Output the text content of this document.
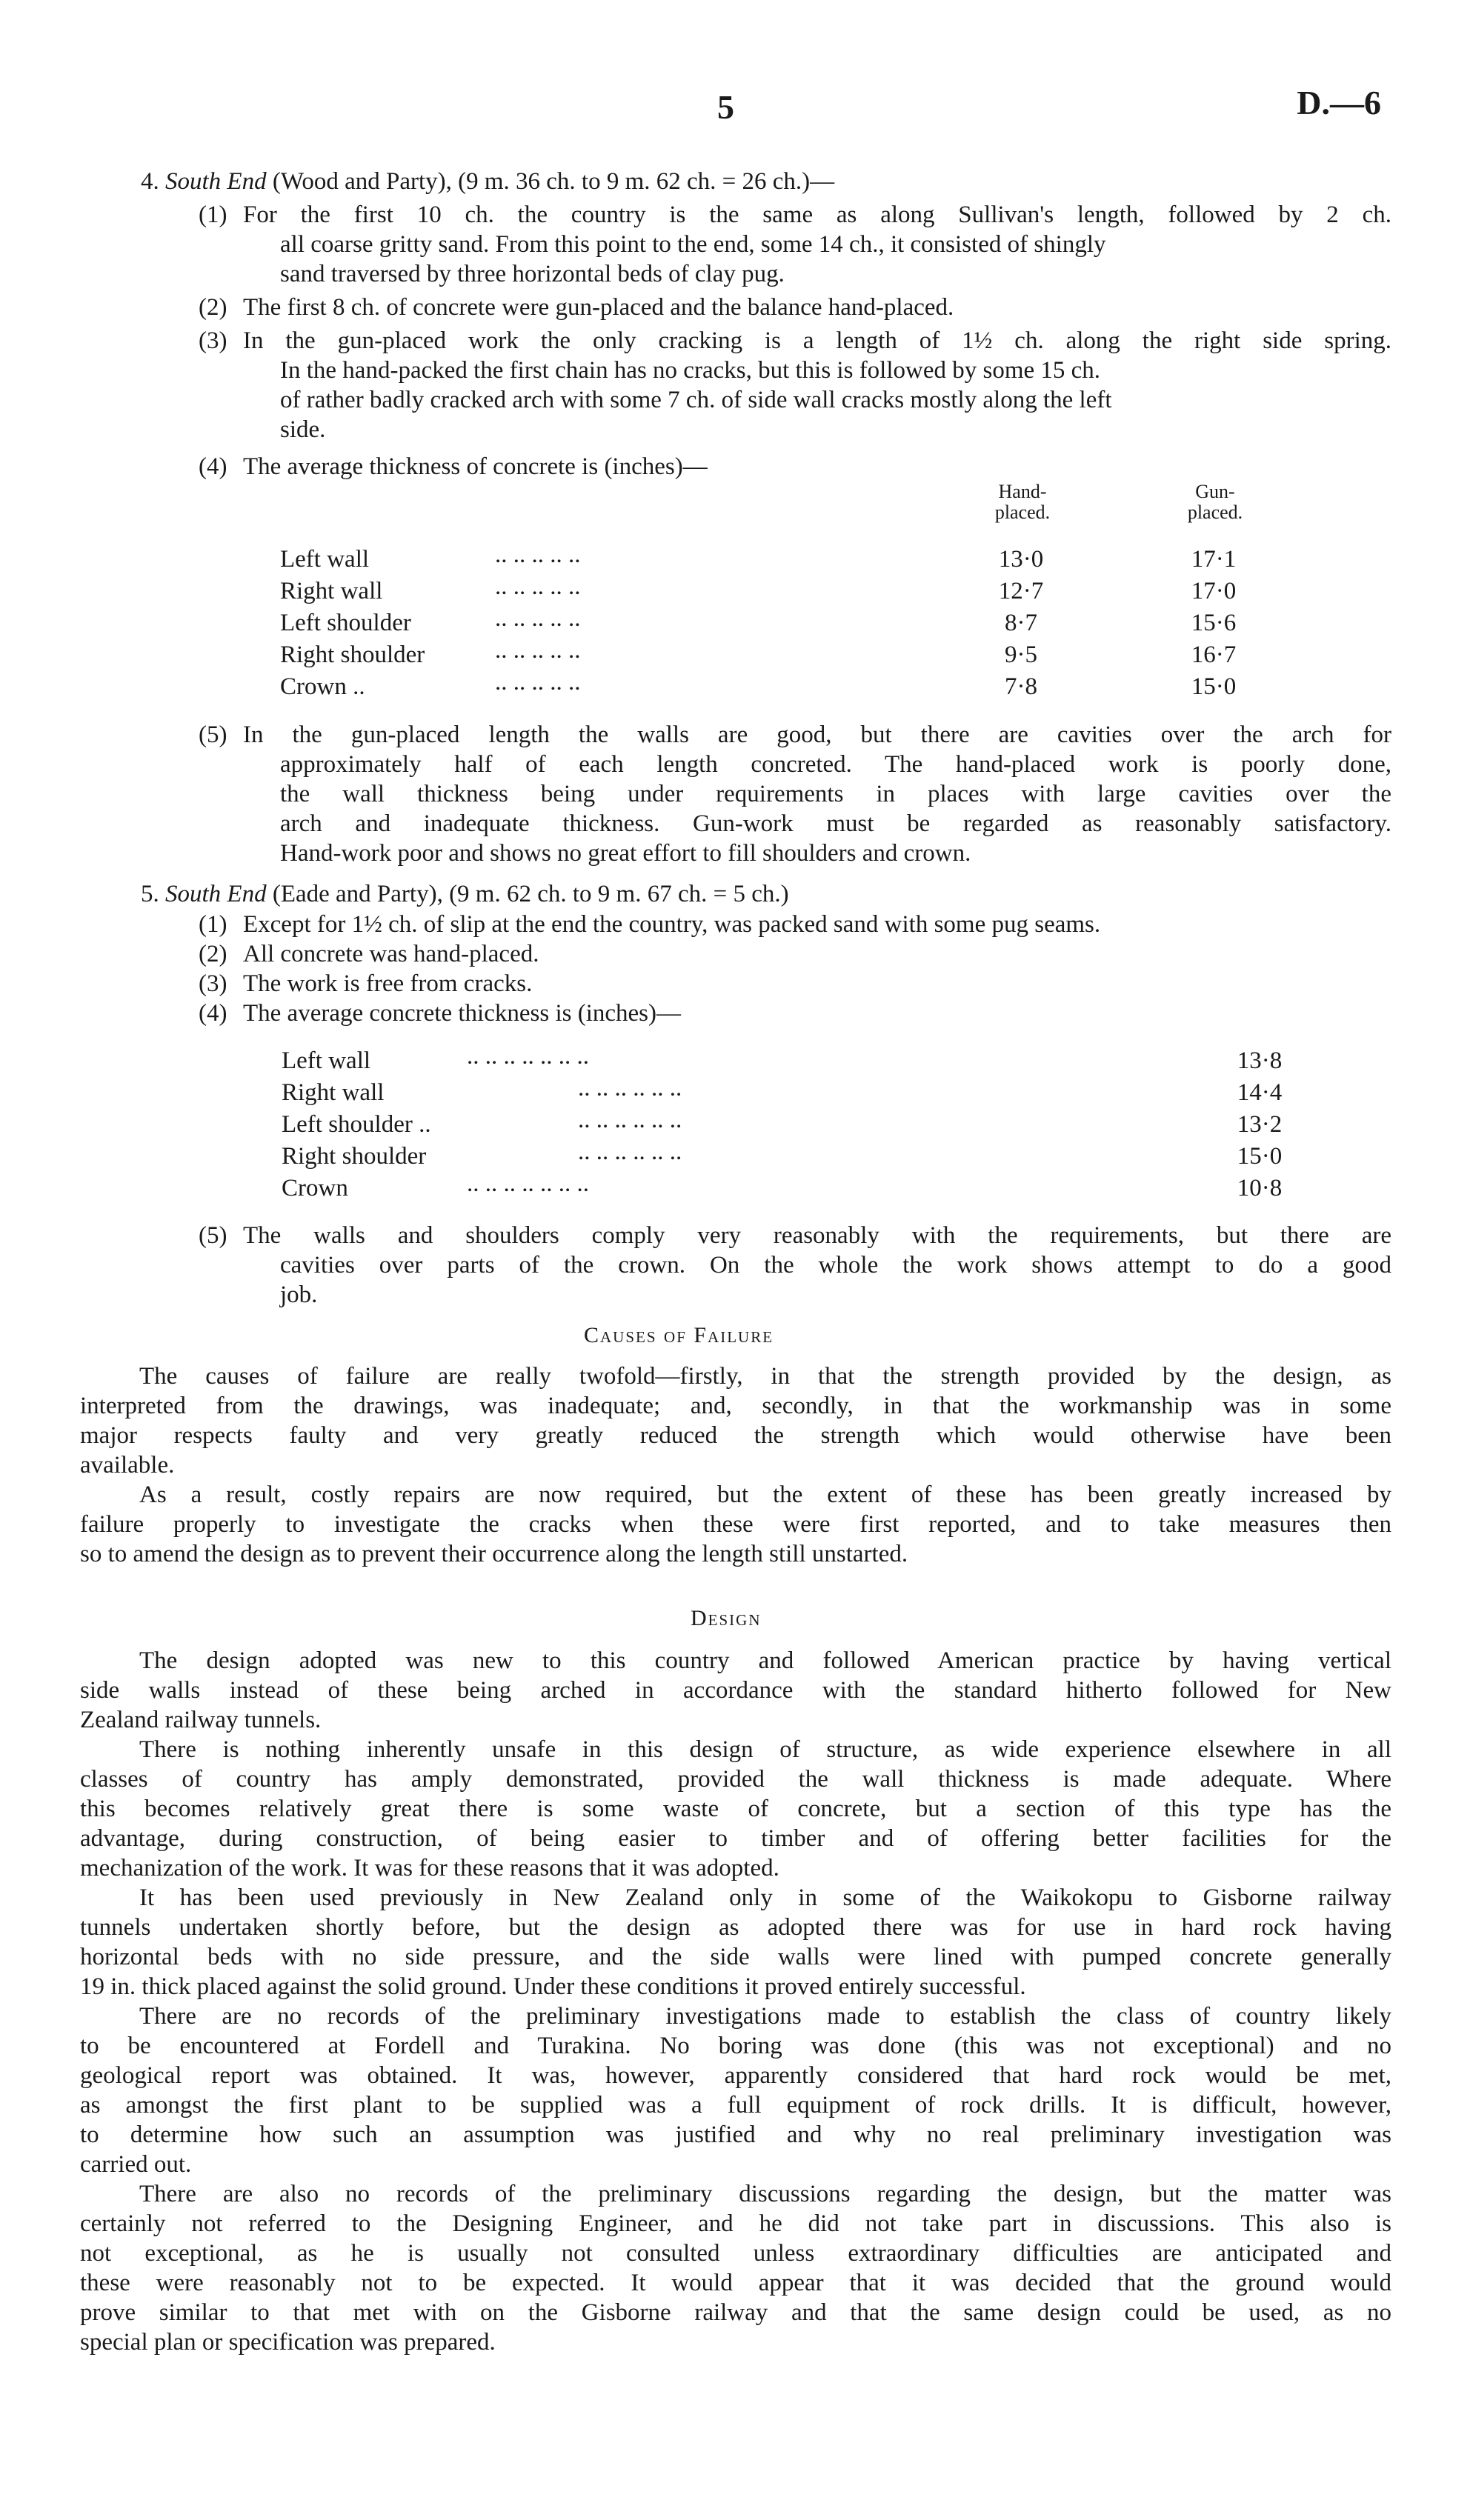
5	D.—6
4. South End (Wood and Party), (9 m. 36 ch. to 9 m. 62 ch. = 26 ch.)—
(1) For the first 10 ch. the country is the same as along Sullivan's length, followed by 2 ch.
all coarse gritty sand. From this point to the end, some 14 ch., it consisted of shingly
sand traversed by three horizontal beds of clay pug.
(2) The first 8 ch. of concrete were gun-placed and the balance hand-placed.
(3) In the gun-placed work the only cracking is a length of 1½ ch. along the right side spring.
In the hand-packed the first chain has no cracks, but this is followed by some 15 ch.
of rather badly cracked arch with some 7 ch. of side wall cracks mostly along the left
side.
(4) The average thickness of concrete is (inches)—
Hand-
placed.
Gun-
placed.
Left wall	.. .. .. .. ..	13·0	17·1
Right wall	.. .. .. .. ..	12·7	17·0
Left shoulder	.. .. .. .. ..	8·7	15·6
Right shoulder	.. .. .. .. ..	9·5	16·7
Crown ..	.. .. .. .. ..	7·8	15·0
(5) In the gun-placed length the walls are good, but there are cavities over the arch for
approximately half of each length concreted. The hand-placed work is poorly done,
the wall thickness being under requirements in places with large cavities over the
arch and inadequate thickness. Gun-work must be regarded as reasonably satisfactory.
Hand-work poor and shows no great effort to fill shoulders and crown.
5. South End (Eade and Party), (9 m. 62 ch. to 9 m. 67 ch. = 5 ch.)
(1) Except for 1½ ch. of slip at the end the country, was packed sand with some pug seams.
(2) All concrete was hand-placed.
(3) The work is free from cracks.
(4) The average concrete thickness is (inches)—
Left wall	.. .. .. .. .. .. ..	13·8
Right wall	.. .. .. .. .. ..	14·4
Left shoulder ..	.. .. .. .. .. ..	13·2
Right shoulder	.. .. .. .. .. ..	15·0
Crown	.. .. .. .. .. .. ..	10·8
(5) The walls and shoulders comply very reasonably with the requirements, but there are
cavities over parts of the crown. On the whole the work shows attempt to do a good
job.
Causes of Failure
The causes of failure are really twofold—firstly, in that the strength provided by the design, as
interpreted from the drawings, was inadequate; and, secondly, in that the workmanship was in some
major respects faulty and very greatly reduced the strength which would otherwise have been
available.
As a result, costly repairs are now required, but the extent of these has been greatly increased by
failure properly to investigate the cracks when these were first reported, and to take measures then
so to amend the design as to prevent their occurrence along the length still unstarted.
Design
The design adopted was new to this country and followed American practice by having vertical
side walls instead of these being arched in accordance with the standard hitherto followed for New
Zealand railway tunnels.
There is nothing inherently unsafe in this design of structure, as wide experience elsewhere in all
classes of country has amply demonstrated, provided the wall thickness is made adequate. Where
this becomes relatively great there is some waste of concrete, but a section of this type has the
advantage, during construction, of being easier to timber and of offering better facilities for the
mechanization of the work. It was for these reasons that it was adopted.
It has been used previously in New Zealand only in some of the Waikokopu to Gisborne railway
tunnels undertaken shortly before, but the design as adopted there was for use in hard rock having
horizontal beds with no side pressure, and the side walls were lined with pumped concrete generally
19 in. thick placed against the solid ground. Under these conditions it proved entirely successful.
There are no records of the preliminary investigations made to establish the class of country likely
to be encountered at Fordell and Turakina. No boring was done (this was not exceptional) and no
geological report was obtained. It was, however, apparently considered that hard rock would be met,
as amongst the first plant to be supplied was a full equipment of rock drills. It is difficult, however,
to determine how such an assumption was justified and why no real preliminary investigation was
carried out.
There are also no records of the preliminary discussions regarding the design, but the matter was
certainly not referred to the Designing Engineer, and he did not take part in discussions. This also is
not exceptional, as he is usually not consulted unless extraordinary difficulties are anticipated and
these were reasonably not to be expected. It would appear that it was decided that the ground would
prove similar to that met with on the Gisborne railway and that the same design could be used, as no
special plan or specification was prepared.
